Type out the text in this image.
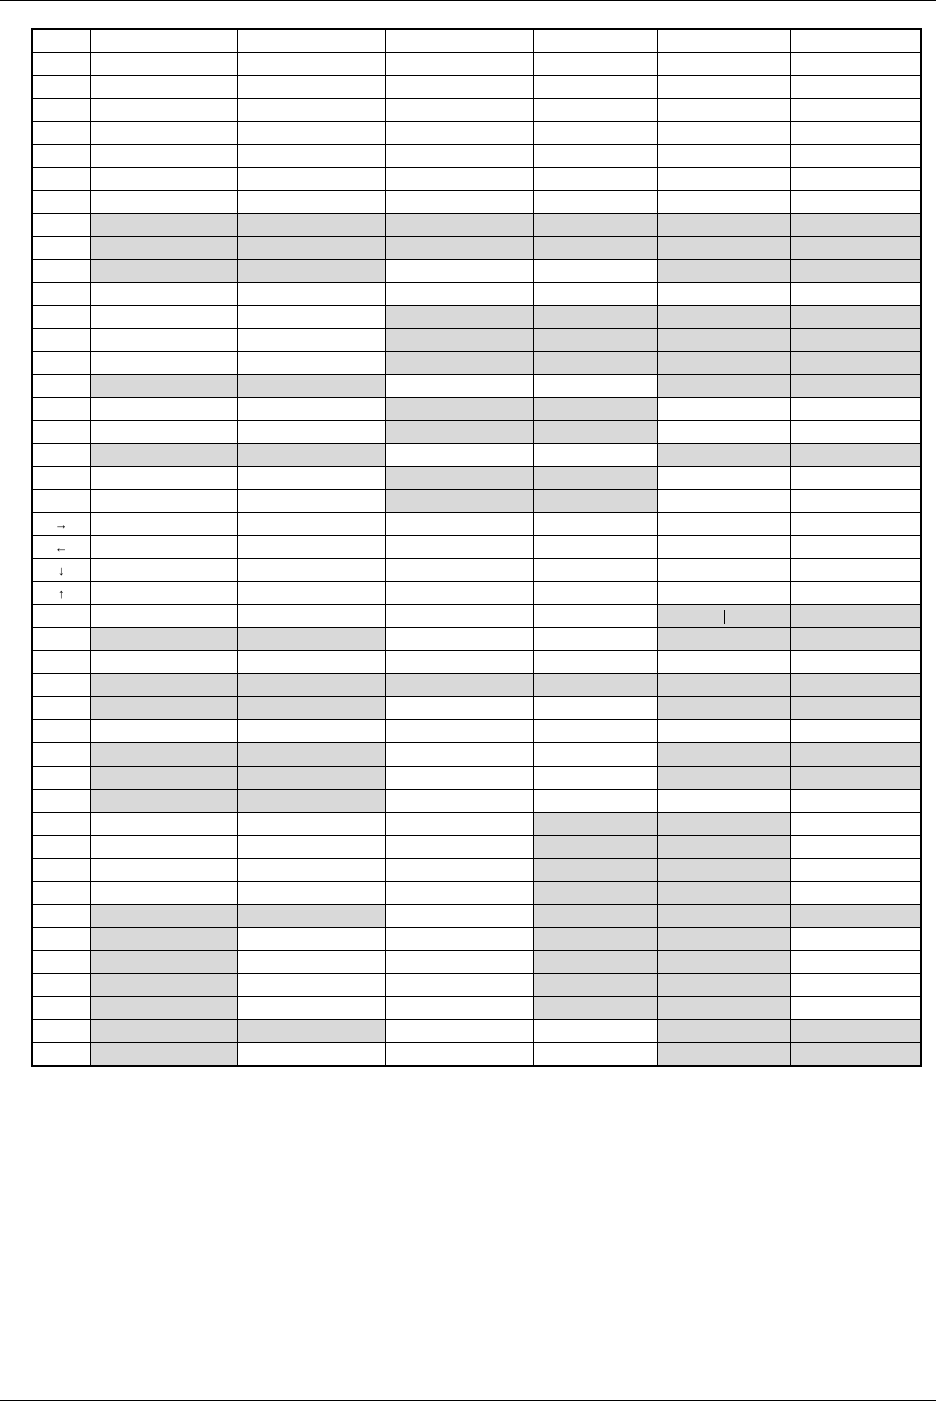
→						
←						
↓						
↑						
